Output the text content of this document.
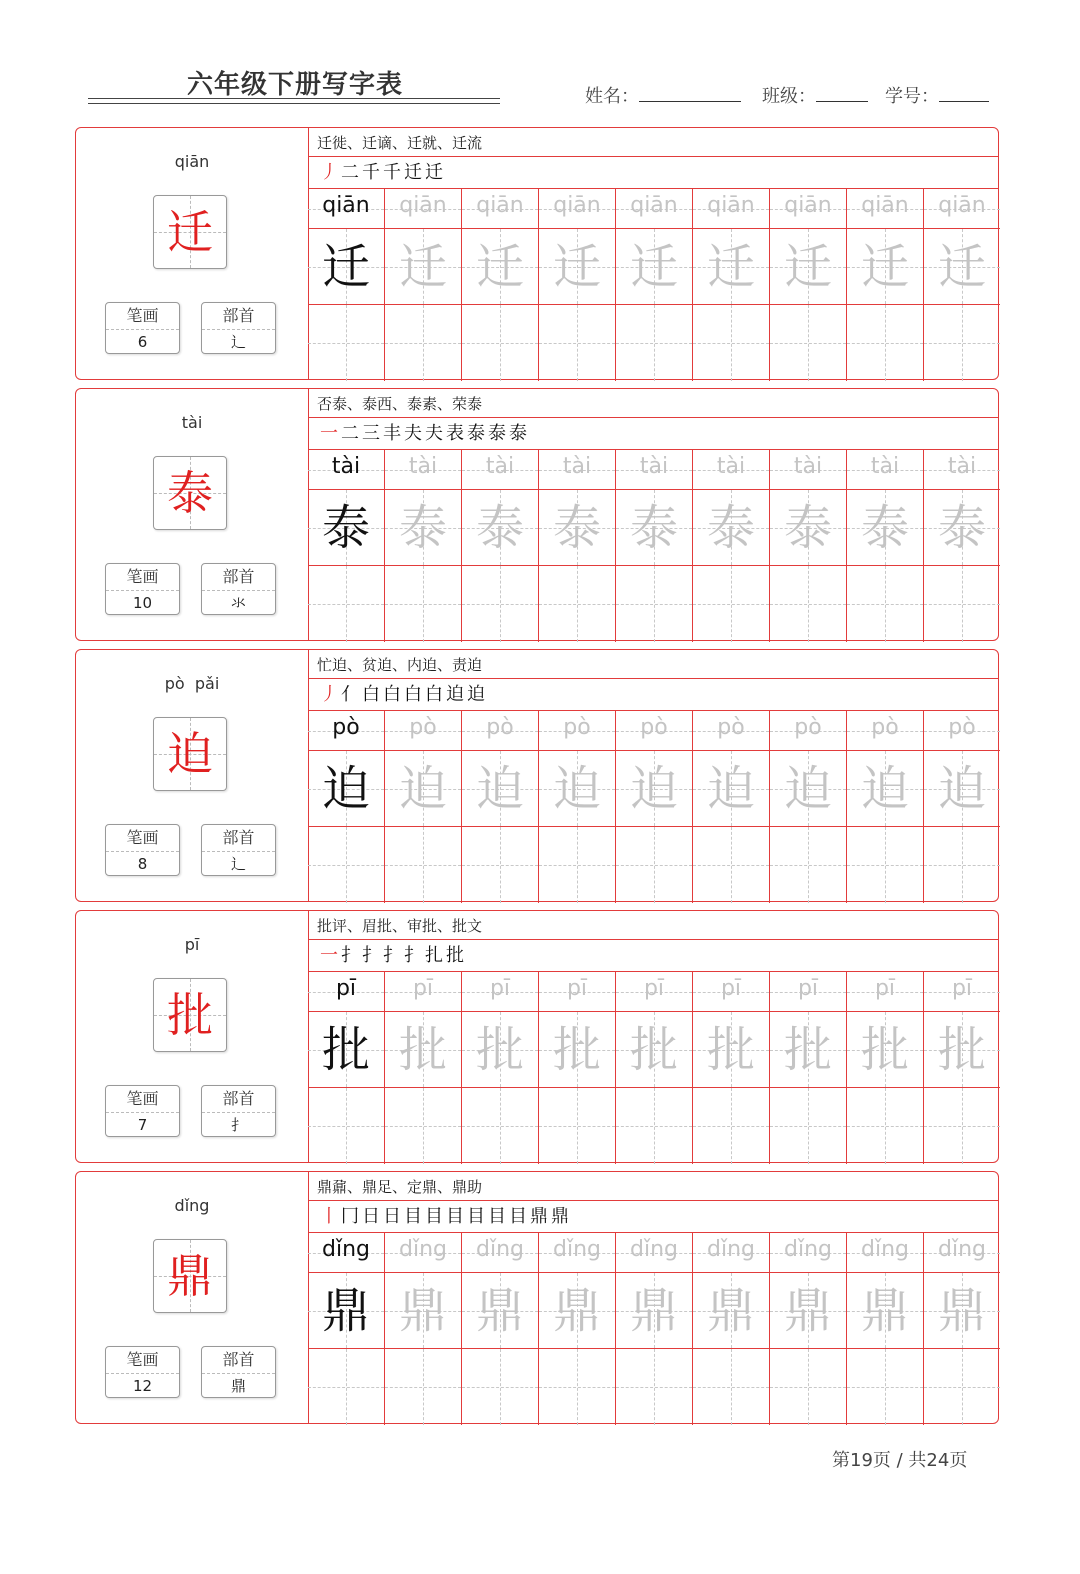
六年级下册写字表	姓名：	班级：	学号：
qiān
迁
笔画
6
部首
辶
迁徙、迁谪、迁就、迁流
丿二千千迁迁
qiān
迁
qiān
迁
qiān
迁
qiān
迁
qiān
迁
qiān
迁
qiān
迁
qiān
迁
qiān
迁
tài
泰
笔画
10
部首
氺
否泰、泰西、泰素、荣泰
一二三丰夫夫表泰泰泰
tài
泰
tài
泰
tài
泰
tài
泰
tài
泰
tài
泰
tài
泰
tài
泰
tài
泰
pò  pǎi
迫
笔画
8
部首
辶
忙迫、贫迫、内迫、责迫
丿亻白白白白迫迫
pò
迫
pò
迫
pò
迫
pò
迫
pò
迫
pò
迫
pò
迫
pò
迫
pò
迫
pī
批
笔画
7
部首
扌
批评、眉批、审批、批文
一扌扌扌扌扎批
pī
批
pī
批
pī
批
pī
批
pī
批
pī
批
pī
批
pī
批
pī
批
dǐng
鼎
笔画
12
部首
鼎
鼎鼐、鼎足、定鼎、鼎助
丨冂日日目目目目目目鼎鼎
dǐng
鼎
dǐng
鼎
dǐng
鼎
dǐng
鼎
dǐng
鼎
dǐng
鼎
dǐng
鼎
dǐng
鼎
dǐng
鼎
第19页 / 共24页
